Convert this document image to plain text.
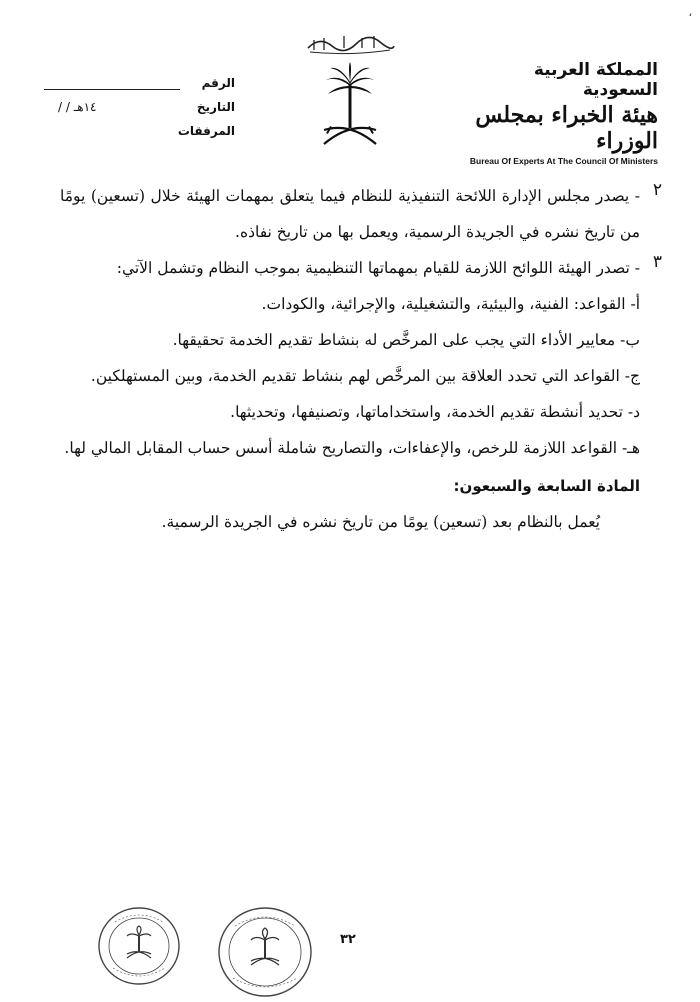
،
المملكة العربية السعودية
هيئة الخبراء بمجلس الوزراء
Bureau Of Experts At The Council Of Ministers
الرقم
التاريخ
/ / ١٤هـ
المرفقات
٢

- يصدر مجلس الإدارة اللائحة التنفيذية للنظام فيما يتعلق بمهمات الهيئة خلال (تسعين) يومًا من تاريخ نشره في الجريدة الرسمية، ويعمل بها من تاريخ نفاذه.

٣

- تصدر الهيئة اللوائح اللازمة للقيام بمهماتها التنظيمية بموجب النظام وتشمل الآتي:

أ- القواعد: الفنية، والبيئية، والتشغيلية، والإجرائية، والكودات.

ب- معايير الأداء التي يجب على المرخَّص له بنشاط تقديم الخدمة تحقيقها.

ج- القواعد التي تحدد العلاقة بين المرخَّص لهم بنشاط تقديم الخدمة، وبين المستهلكين.

د- تحديد أنشطة تقديم الخدمة، واستخداماتها، وتصنيفها، وتحديثها.

هـ- القواعد اللازمة للرخص، والإعفاءات، والتصاريح شاملة أسس حساب المقابل المالي لها.

المادة السابعة والسبعون:

يُعمل بالنظام بعد (تسعين) يومًا من تاريخ نشره في الجريدة الرسمية.

٣٢
